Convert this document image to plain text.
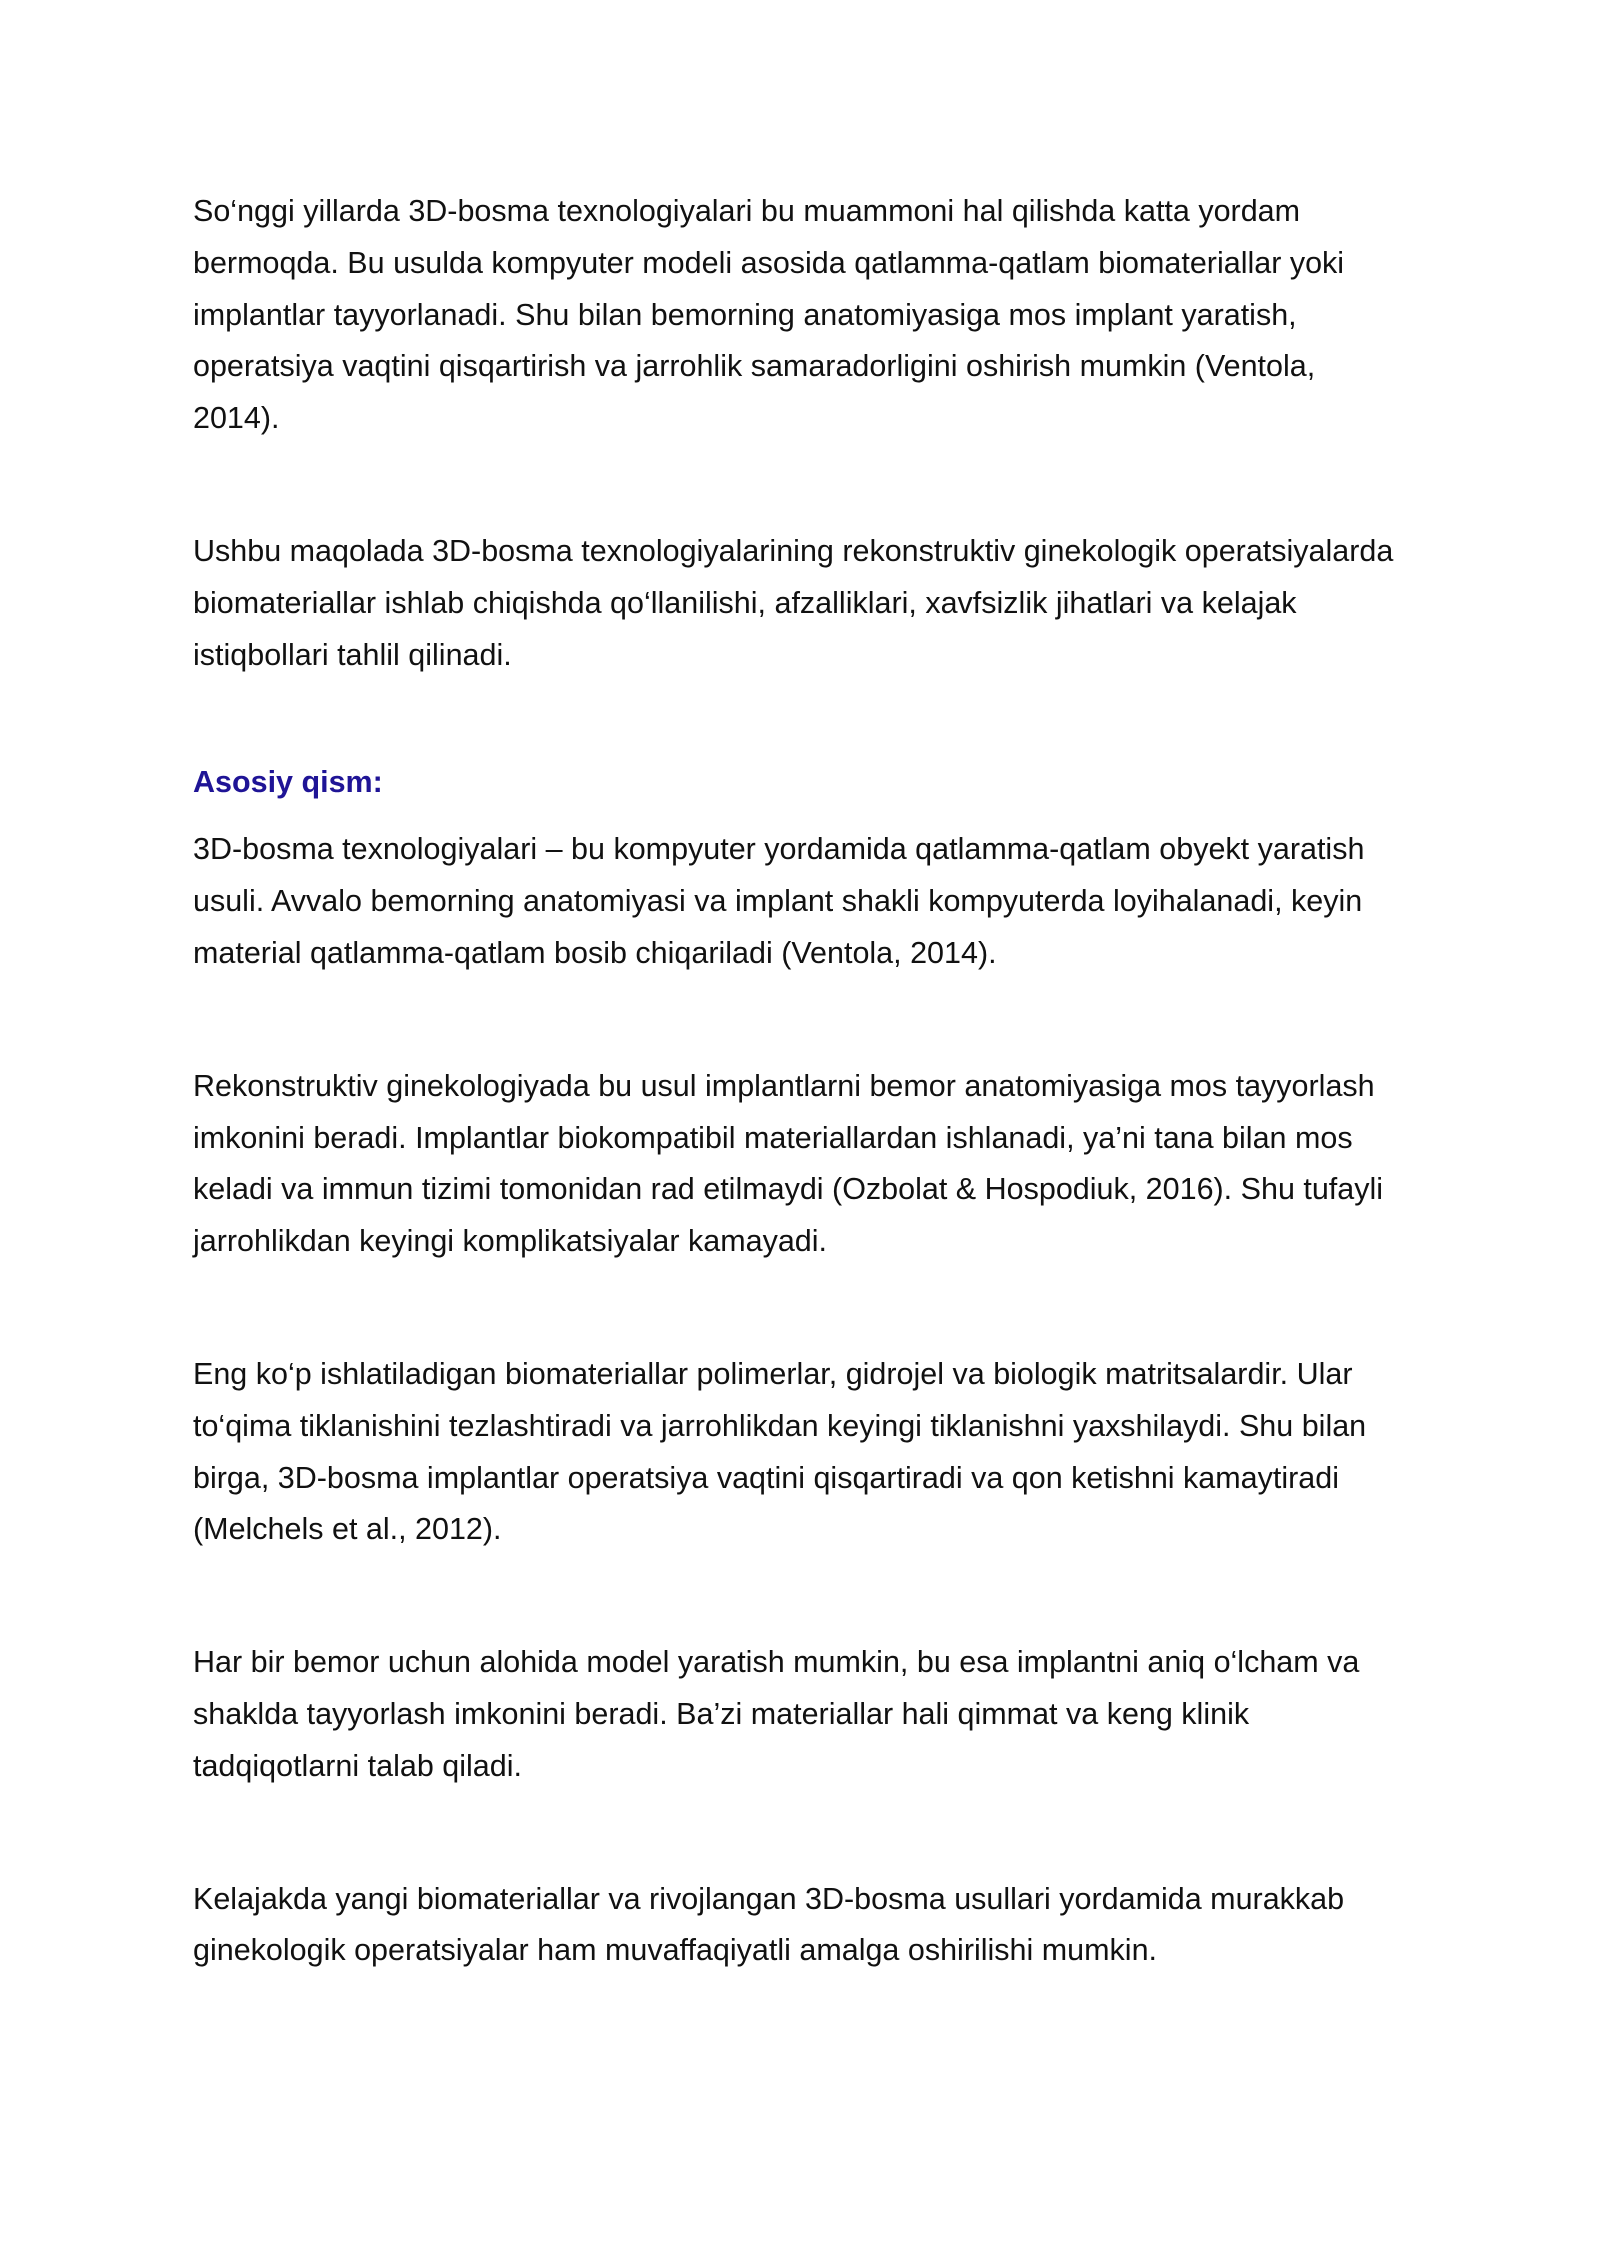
So‘nggi yillarda 3D-bosma texnologiyalari bu muammoni hal qilishda katta yordam bermoqda. Bu usulda kompyuter modeli asosida qatlamma-qatlam biomateriallar yoki implantlar tayyorlanadi. Shu bilan bemorning anatomiyasiga mos implant yaratish, operatsiya vaqtini qisqartirish va jarrohlik samaradorligini oshirish mumkin (Ventola, 2014).

Ushbu maqolada 3D-bosma texnologiyalarining rekonstruktiv ginekologik operatsiyalarda biomateriallar ishlab chiqishda qo‘llanilishi, afzalliklari, xavfsizlik jihatlari va kelajak istiqbollari tahlil qilinadi.

Asosiy qism:

3D-bosma texnologiyalari – bu kompyuter yordamida qatlamma-qatlam obyekt yaratish usuli. Avvalo bemorning anatomiyasi va implant shakli kompyuterda loyihalanadi, keyin material qatlamma-qatlam bosib chiqariladi (Ventola, 2014).

Rekonstruktiv ginekologiyada bu usul implantlarni bemor anatomiyasiga mos tayyorlash imkonini beradi. Implantlar biokompatibil materiallardan ishlanadi, ya’ni tana bilan mos keladi va immun tizimi tomonidan rad etilmaydi (Ozbolat & Hospodiuk, 2016). Shu tufayli jarrohlikdan keyingi komplikatsiyalar kamayadi.

Eng ko‘p ishlatiladigan biomateriallar polimerlar, gidrojel va biologik matritsalardir. Ular to‘qima tiklanishini tezlashtiradi va jarrohlikdan keyingi tiklanishni yaxshilaydi. Shu bilan birga, 3D-bosma implantlar operatsiya vaqtini qisqartiradi va qon ketishni kamaytiradi (Melchels et al., 2012).

Har bir bemor uchun alohida model yaratish mumkin, bu esa implantni aniq o‘lcham va shaklda tayyorlash imkonini beradi. Ba’zi materiallar hali qimmat va keng klinik tadqiqotlarni talab qiladi.

Kelajakda yangi biomateriallar va rivojlangan 3D-bosma usullari yordamida murakkab ginekologik operatsiyalar ham muvaffaqiyatli amalga oshirilishi mumkin.
